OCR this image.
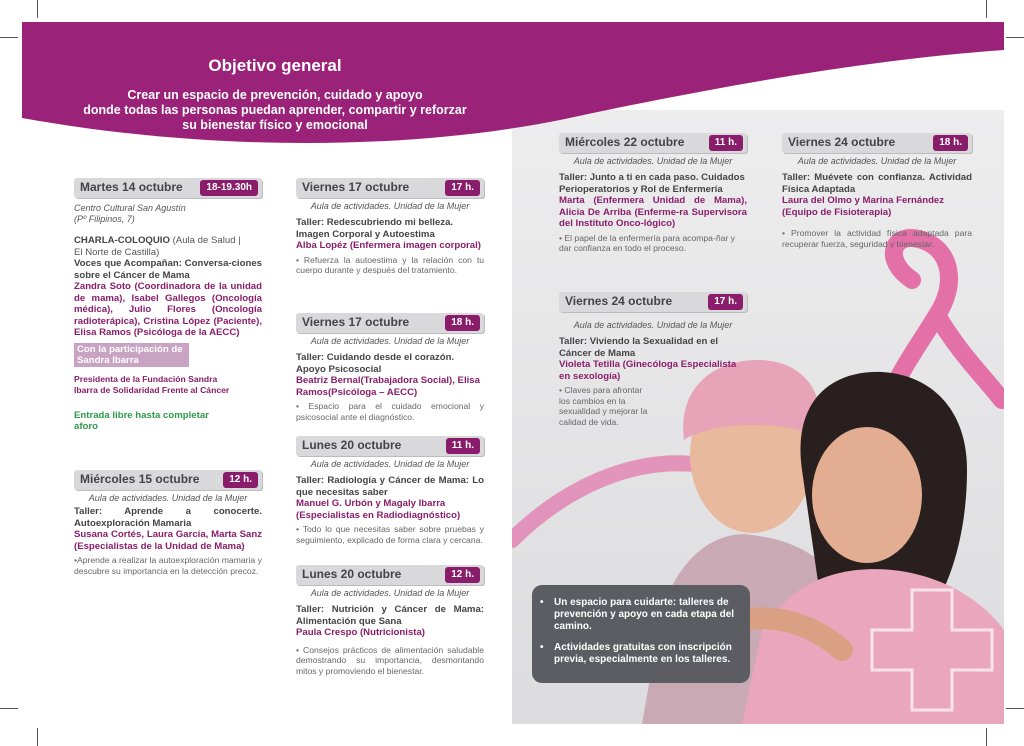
Objetivo general

Crear un espacio de prevención, cuidado y apoyo

donde todas las personas puedan aprender, compartir y reforzar

su bienestar físico y emocional

Martes 14 octubre	18-19.30h
Centro Cultural San Agustín
(Pº Filipinos, 7)
CHARLA-COLOQUIO (Aula de Salud |
El Norte de Castilla)
Voces que Acompañan: Conversa-ciones sobre el Cáncer de Mama
Zandra Soto (Coordinadora de la unidad de mama), Isabel Gallegos (Oncología médica), Julio Flores (Oncología radioterápica), Cristina López (Paciente), Elisa Ramos (Psicóloga de la AECC)
Con la participación de
Sandra Ibarra
Presidenta de la Fundación Sandra
Ibarra de Solidaridad Frente al Cáncer
Entrada libre hasta completar
aforo
Miércoles 15 octubre	12 h.
Aula de actividades. Unidad de la Mujer
Taller: Aprende a conocerte. Autoexploración Mamaria
Susana Cortés, Laura García, Marta Sanz (Especialistas de la Unidad de Mama)
•Aprende a realizar la autoexploración mamaria y descubre su importancia en la detección precoz.
Viernes 17 octubre	17 h.
Aula de actividades. Unidad de la Mujer
Taller: Redescubriendo mi belleza. Imagen Corporal y Autoestima
Alba Lopéz (Enfermera imagen corporal)
• Refuerza la autoestima y la relación con tu cuerpo durante y después del tratamiento.
Viernes 17 octubre	18 h.
Aula de actividades. Unidad de la Mujer
Taller: Cuidando desde el corazón. Apoyo Psicosocial
Beatriz Bernal(Trabajadora Social), Elisa Ramos(Psicóloga – AECC)
• Espacio para el cuidado emocional y psicosocial ante el diagnóstico.
Lunes 20 octubre	11 h.
Aula de actividades. Unidad de la Mujer
Taller: Radiología y Cáncer de Mama: Lo que necesitas saber
Manuel G. Urbón y Magaly Ibarra (Especialistas en Radiodiagnóstico)
• Todo lo que necesitas saber sobre pruebas y seguimiento, explicado de forma clara y cercana.
Lunes 20 octubre	12 h.
Aula de actividades. Unidad de la Mujer
Taller: Nutrición y Cáncer de Mama: Alimentación que Sana
Paula Crespo (Nutricionista)
• Consejos prácticos de alimentación saludable demostrando su importancia, desmontando mitos y promoviendo el bienestar.
Miércoles 22 octubre	11 h.
Aula de actividades. Unidad de la Mujer
Taller: Junto a ti en cada paso. Cuidados Perioperatorios y Rol de Enfermería
Marta (Enfermera Unidad de Mama), Alicia De Arriba (Enferme-ra Supervisora del Instituto Onco-lógico)
• El papel de la enfermería para acompa-ñar y dar confianza en todo el proceso.
Viernes 24 octubre	17 h.
Aula de actividades. Unidad de la Mujer
Taller: Viviendo la Sexualidad en el Cáncer de Mama
Violeta Tetilla (Ginecóloga Especialista en sexología)
• Claves para afrontar los cambios en la sexualidad y mejorar la calidad de vida.
Viernes 24 octubre	18 h.
Aula de actividades. Unidad de la Mujer
Taller: Muévete con confianza. Actividad Física Adaptada
Laura del Olmo y Marina Fernández (Equipo de Fisioterapia)
• Promover la actividad física adaptada para recuperar fuerza, seguridad y bienestar.
• Un espacio para cuidarte: talleres de prevención y apoyo en cada etapa del camino.
• Actividades gratuitas con inscripción previa, especialmente en los talleres.
